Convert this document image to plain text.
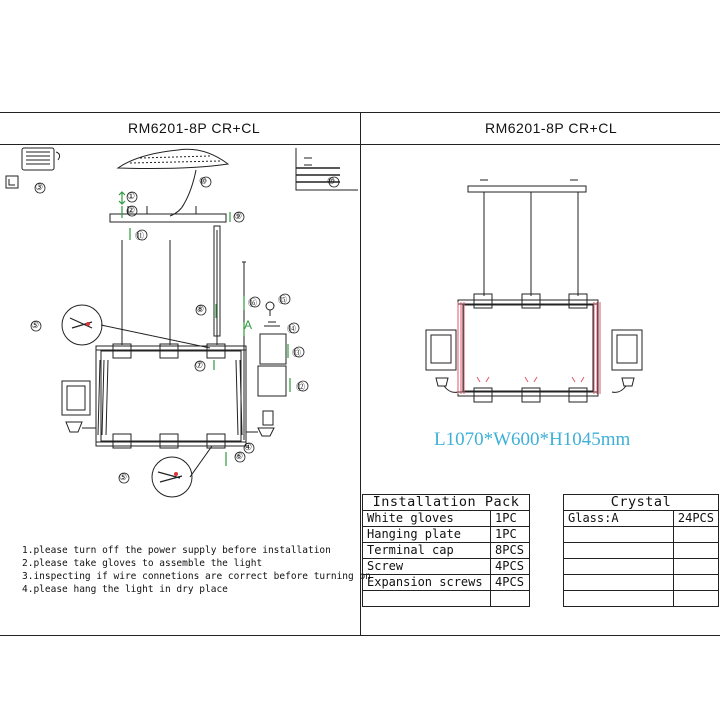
RM6201-8P CR+CL	RM6201-8P CR+CL
①
②
③
④
⑤
⑤
⑥
⑦
⑧
⑨
⑩	⑩
⑪
⑫
⑬
⑭
⑮
⑯
A
L1070*W600*H1045mm
1.please turn off the power supply before installation
2.please take gloves to assemble the light
3.inspecting if wire connetions are correct before turning on
4.please hang the light in dry place
Installation Pack	
White gloves	1PC
Hanging plate	1PC
Terminal cap	8PCS
Screw	4PCS
Expansion screws	4PCS

Crystal	
Glass:A	24PCS
